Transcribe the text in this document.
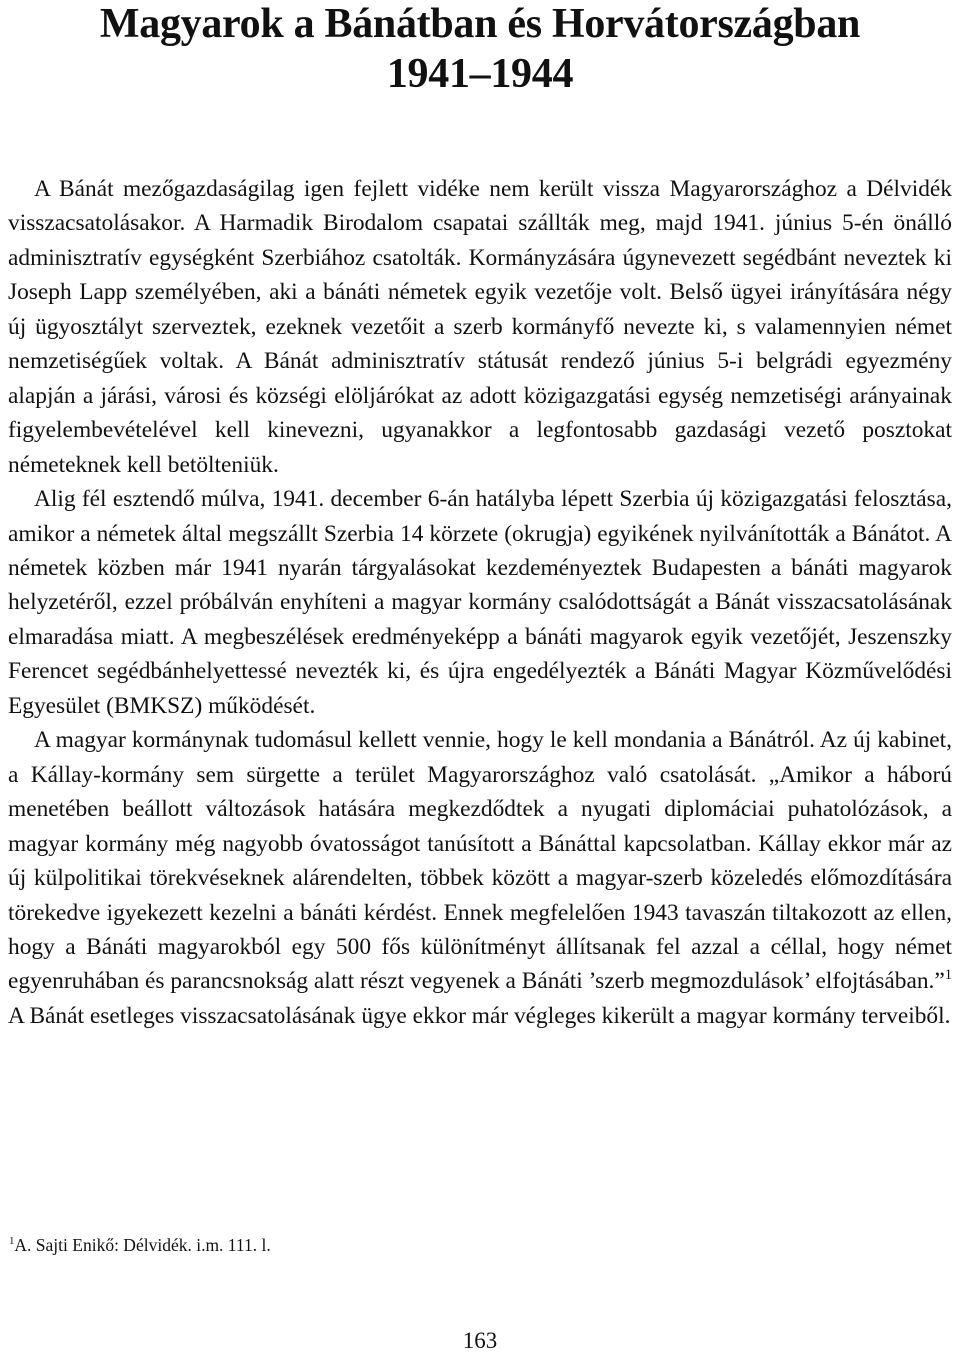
Magyarok a Bánátban és Horvátországban
1941–1944

A Bánát mezőgazdaságilag igen fejlett vidéke nem került vissza Magyarországhoz a Délvidék visszacsatolásakor. A Harmadik Birodalom csapatai szállták meg, majd 1941. június 5-én önálló adminisztratív egységként Szerbiához csatolták. Kormányzására úgynevezett segédbánt neveztek ki Joseph Lapp személyében, aki a bánáti németek egyik vezetője volt. Belső ügyei irányítására négy új ügyosztályt szerveztek, ezeknek vezetőit a szerb kormányfő nevezte ki, s valamennyien német nemzetiségűek voltak. A Bánát adminisztratív státusát rendező június 5-i belgrádi egyezmény alapján a járási, városi és községi elöljárókat az adott közigazgatási egység nemzetiségi arányainak figyelembevételével kell kinevezni, ugyanakkor a legfontosabb gazdasági vezető posztokat németeknek kell betölteniük.

Alig fél esztendő múlva, 1941. december 6-án hatályba lépett Szerbia új közigazgatási felosztása, amikor a németek által megszállt Szerbia 14 körzete (okrugja) egyikének nyilvánították a Bánátot. A németek közben már 1941 nyarán tárgyalásokat kezdeményeztek Budapesten a bánáti magyarok helyzetéről, ezzel próbálván enyhíteni a magyar kormány csalódottságát a Bánát visszacsatolásának elmaradása miatt. A megbeszélések eredményeképp a bánáti magyarok egyik vezetőjét, Jeszenszky Ferencet segédbánhelyettessé nevezték ki, és újra engedélyezték a Bánáti Magyar Közművelődési Egyesület (BMKSZ) működését.

A magyar kormánynak tudomásul kellett vennie, hogy le kell mondania a Bánátról. Az új kabinet, a Kállay-kormány sem sürgette a terület Magyarországhoz való csatolását. „Amikor a háború menetében beállott változások hatására megkezdődtek a nyugati diplomáciai puhatolózások, a magyar kormány még nagyobb óvatosságot tanúsított a Bánáttal kapcsolatban. Kállay ekkor már az új külpolitikai törekvéseknek alárendelten, többek között a magyar-szerb közeledés előmozdítására törekedve igyekezett kezelni a bánáti kérdést. Ennek megfelelően 1943 tavaszán tiltakozott az ellen, hogy a Bánáti magyarokból egy 500 fős különítményt állítsanak fel azzal a céllal, hogy német egyenruhában és parancsnokság alatt részt vegyenek a Bánáti ’szerb megmozdulások’ elfojtásában.”$^1$ A Bánát esetleges visszacsatolásának ügye ekkor már végleges kikerült a magyar kormány terveiből.

$^1$A. Sajti Enikő: Délvidék. i.m. 111. l.
163
